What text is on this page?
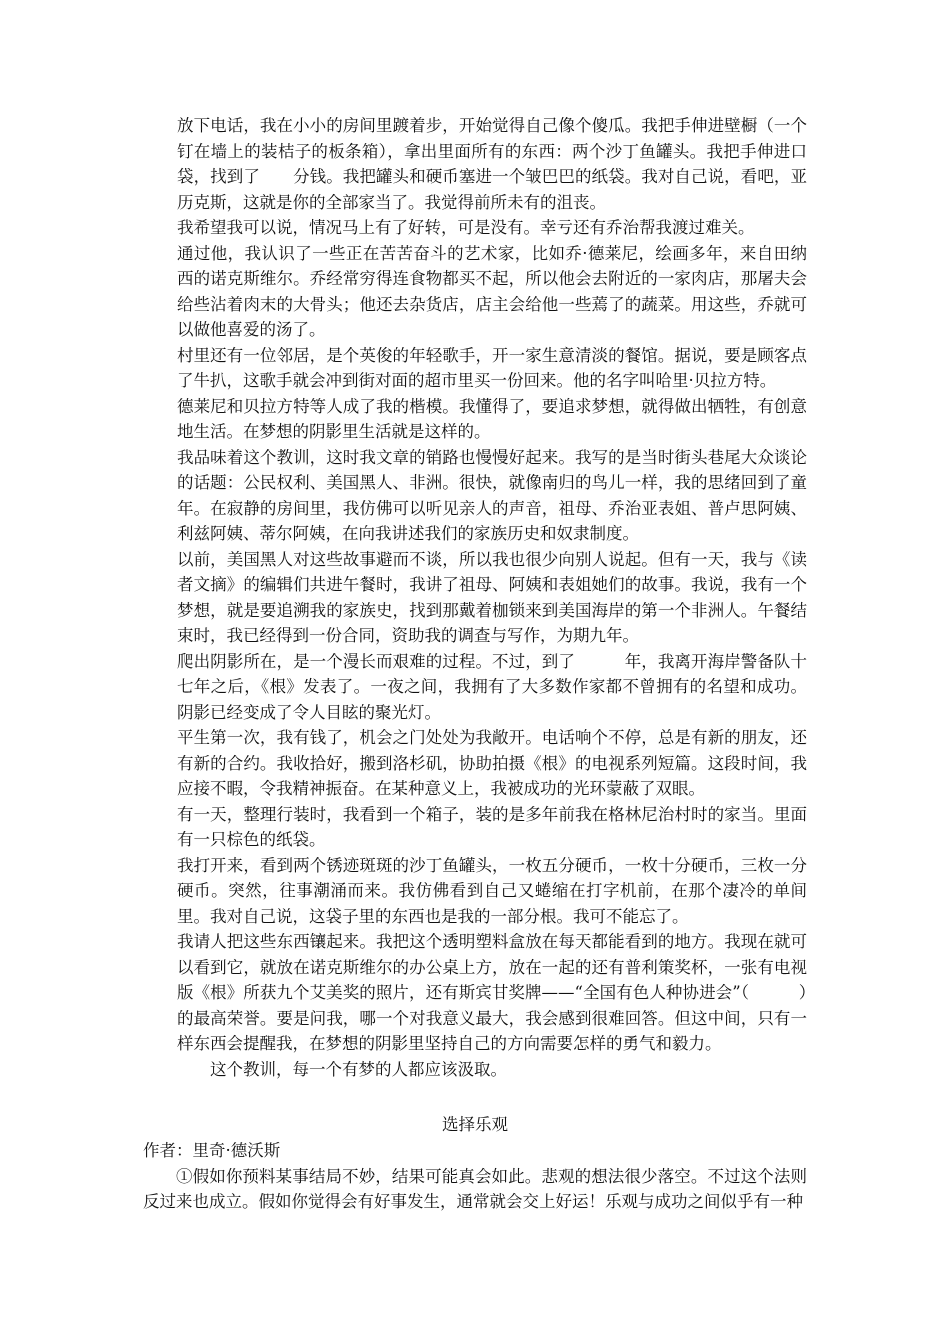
放下电话，我在小小的房间里踱着步，开始觉得自己像个傻瓜。我把手伸进壁橱（一个钉在墙上的装桔子的板条箱），拿出里面所有的东西：两个沙丁鱼罐头。我把手伸进口袋，找到了　　分钱。我把罐头和硬币塞进一个皱巴巴的纸袋。我对自己说，看吧，亚历克斯，这就是你的全部家当了。我觉得前所未有的沮丧。

我希望我可以说，情况马上有了好转，可是没有。幸亏还有乔治帮我渡过难关。

通过他，我认识了一些正在苦苦奋斗的艺术家，比如乔·德莱尼，绘画多年，来自田纳西的诺克斯维尔。乔经常穷得连食物都买不起，所以他会去附近的一家肉店，那屠夫会给些沾着肉末的大骨头；他还去杂货店，店主会给他一些蔫了的蔬菜。用这些，乔就可以做他喜爱的汤了。

村里还有一位邻居，是个英俊的年轻歌手，开一家生意清淡的餐馆。据说，要是顾客点了牛扒，这歌手就会冲到街对面的超市里买一份回来。他的名字叫哈里·贝拉方特。

德莱尼和贝拉方特等人成了我的楷模。我懂得了，要追求梦想，就得做出牺牲，有创意地生活。在梦想的阴影里生活就是这样的。

我品味着这个教训，这时我文章的销路也慢慢好起来。我写的是当时街头巷尾大众谈论的话题：公民权利、美国黑人、非洲。很快，就像南归的鸟儿一样，我的思绪回到了童年。在寂静的房间里，我仿佛可以听见亲人的声音，祖母、乔治亚表姐、普卢思阿姨、利兹阿姨、蒂尔阿姨，在向我讲述我们的家族历史和奴隶制度。

以前，美国黑人对这些故事避而不谈，所以我也很少向别人说起。但有一天，我与《读者文摘》的编辑们共进午餐时，我讲了祖母、阿姨和表姐她们的故事。我说，我有一个梦想，就是要追溯我的家族史，找到那戴着枷锁来到美国海岸的第一个非洲人。午餐结束时，我已经得到一份合同，资助我的调查与写作，为期九年。

爬出阴影所在，是一个漫长而艰难的过程。不过，到了　　　年，我离开海岸警备队十七年之后，《根》发表了。一夜之间，我拥有了大多数作家都不曾拥有的名望和成功。阴影已经变成了令人目眩的聚光灯。

平生第一次，我有钱了，机会之门处处为我敞开。电话响个不停，总是有新的朋友，还有新的合约。我收拾好，搬到洛杉矶，协助拍摄《根》的电视系列短篇。这段时间，我应接不暇，令我精神振奋。在某种意义上，我被成功的光环蒙蔽了双眼。

有一天，整理行装时，我看到一个箱子，装的是多年前我在格林尼治村时的家当。里面有一只棕色的纸袋。

我打开来，看到两个锈迹斑斑的沙丁鱼罐头，一枚五分硬币，一枚十分硬币，三枚一分硬币。突然，往事潮涌而来。我仿佛看到自己又蜷缩在打字机前，在那个凄冷的单间里。我对自己说，这袋子里的东西也是我的一部分根。我可不能忘了。

我请人把这些东西镶起来。我把这个透明塑料盒放在每天都能看到的地方。我现在就可以看到它，就放在诺克斯维尔的办公桌上方，放在一起的还有普利策奖杯，一张有电视版《根》所获九个艾美奖的照片，还有斯宾甘奖牌——“全国有色人种协进会”（　　　）的最高荣誉。要是问我，哪一个对我意义最大，我会感到很难回答。但这中间，只有一样东西会提醒我，在梦想的阴影里坚持自己的方向需要怎样的勇气和毅力。

这个教训，每一个有梦的人都应该汲取。

选择乐观

作者：里奇·德沃斯

①假如你预料某事结局不妙，结果可能真会如此。悲观的想法很少落空。不过这个法则反过来也成立。假如你觉得会有好事发生，通常就会交上好运！乐观与成功之间似乎有一种
